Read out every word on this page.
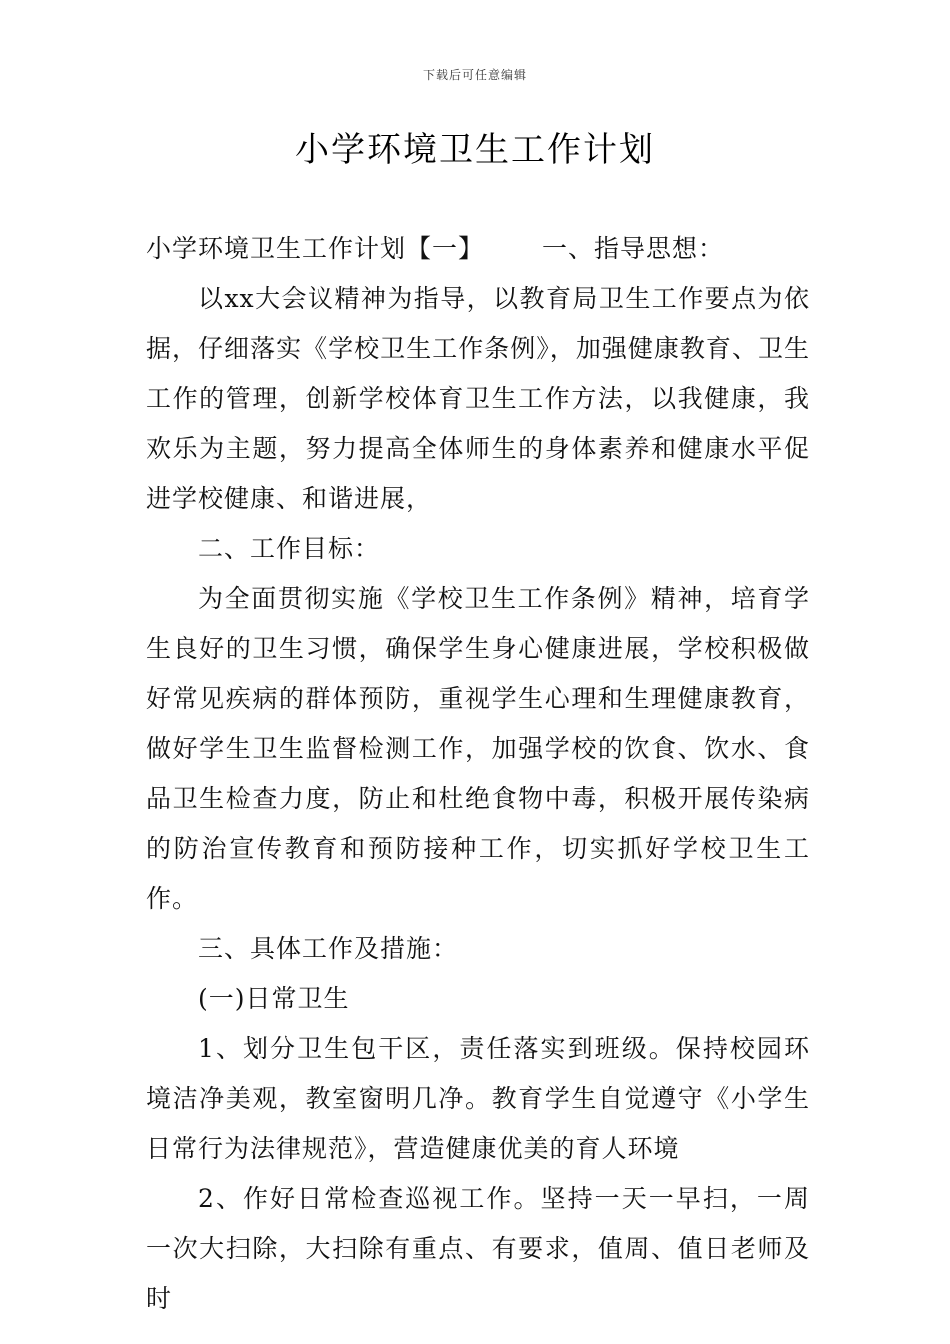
下载后可任意编辑
小学环境卫生工作计划

小学环境卫生工作计划【一】 一、指导思想：

以xx大会议精神为指导，以教育局卫生工作要点为依据，仔细落实《学校卫生工作条例》，加强健康教育、卫生工作的管理，创新学校体育卫生工作方法，以我健康，我欢乐为主题，努力提高全体师生的身体素养和健康水平促进学校健康、和谐进展，

二、工作目标：

为全面贯彻实施《学校卫生工作条例》精神，培育学生良好的卫生习惯，确保学生身心健康进展，学校积极做好常见疾病的群体预防，重视学生心理和生理健康教育，做好学生卫生监督检测工作，加强学校的饮食、饮水、食品卫生检查力度，防止和杜绝食物中毒，积极开展传染病的防治宣传教育和预防接种工作，切实抓好学校卫生工作。

三、具体工作及措施：

(一)日常卫生

1、划分卫生包干区，责任落实到班级。保持校园环境洁净美观，教室窗明几净。教育学生自觉遵守《小学生日常行为法律规范》，营造健康优美的育人环境

2、作好日常检查巡视工作。坚持一天一早扫，一周一次大扫除，大扫除有重点、有要求，值周、值日老师及时
